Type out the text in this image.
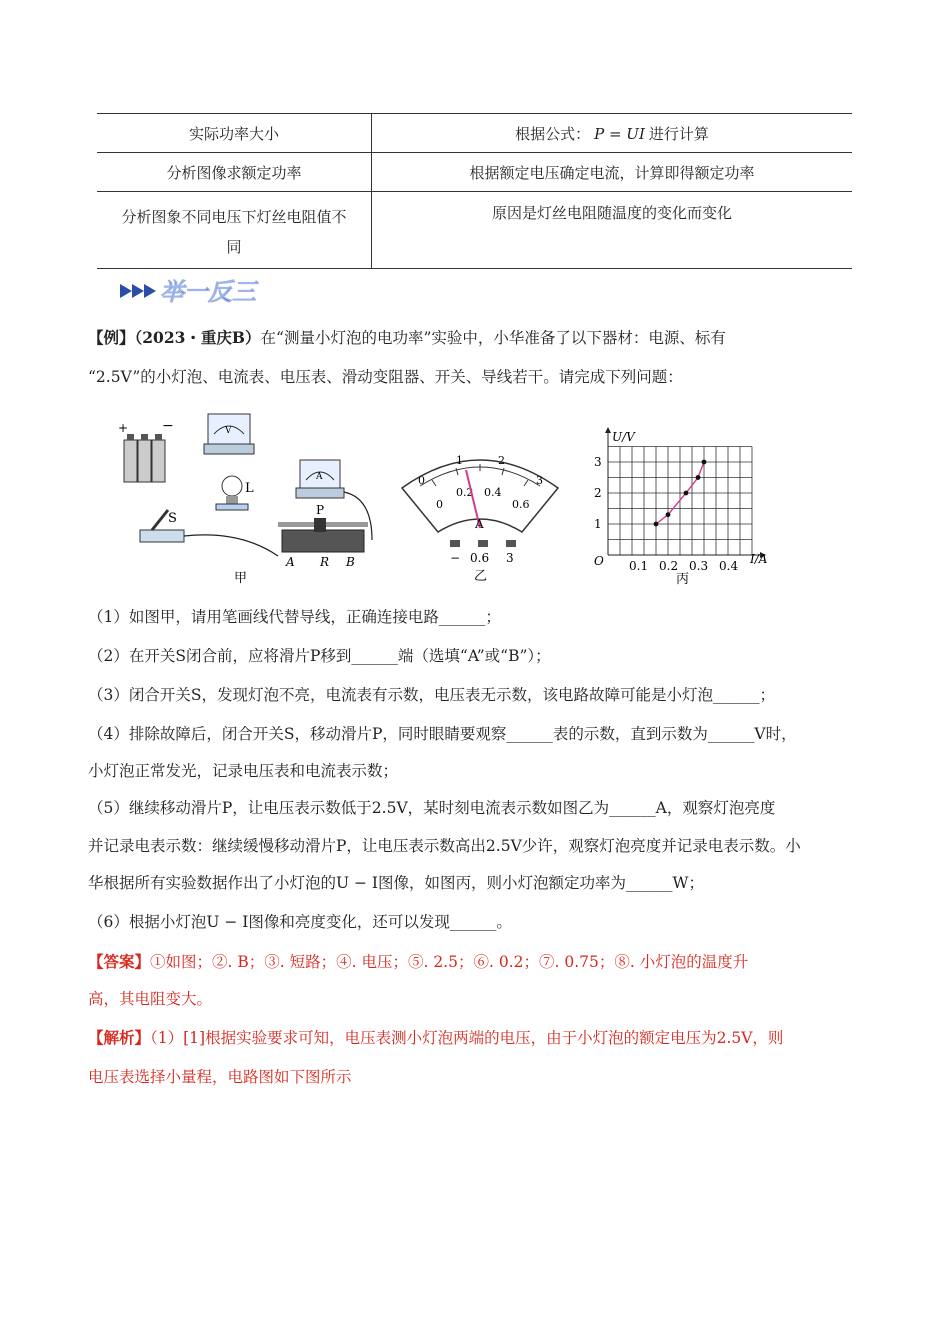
实际功率大小	根据公式： P = UI 进行计算
分析图像求额定功率	根据额定电压确定电流，计算即得额定功率

分析图象不同电压下灯丝电阻值不同	原因是灯丝电阻随温度的变化而变化
举一反三
【例】（2023・重庆B）在“测量小灯泡的电功率”实验中，小华准备了以下器材：电源、标有
“2.5V”的小灯泡、电流表、电压表、滑动变阻器、开关、导线若干。请完成下列问题：
+ −	V
L
S
A
P
A R B
甲
0
1	2
3
0
0.2 0.4
0.6
A
− 0.6 3
乙
U/V
I/A
O 0.1 0.2 0.3 0.4
1
2
3
丙
（1）如图甲，请用笔画线代替导线，正确连接电路______；
（2）在开关S闭合前，应将滑片P移到______端（选填“A”或“B”）；
（3）闭合开关S，发现灯泡不亮，电流表有示数，电压表无示数，该电路故障可能是小灯泡______；
（4）排除故障后，闭合开关S，移动滑片P，同时眼睛要观察______表的示数，直到示数为______V时，
小灯泡正常发光，记录电压表和电流表示数；
（5）继续移动滑片P，让电压表示数低于2.5V，某时刻电流表示数如图乙为______A，观察灯泡亮度
并记录电表示数：继续缓慢移动滑片P，让电压表示数高出2.5V少许，观察灯泡亮度并记录电表示数。小
华根据所有实验数据作出了小灯泡的U − I图像，如图丙，则小灯泡额定功率为______W；
（6）根据小灯泡U − I图像和亮度变化，还可以发现______。
【答案】①如图；②. B；③. 短路；④. 电压；⑤. 2.5；⑥. 0.2；⑦. 0.75；⑧. 小灯泡的温度升
高，其电阻变大。
【解析】（1）[1]根据实验要求可知，电压表测小灯泡两端的电压，由于小灯泡的额定电压为2.5V，则
电压表选择小量程，电路图如下图所示
